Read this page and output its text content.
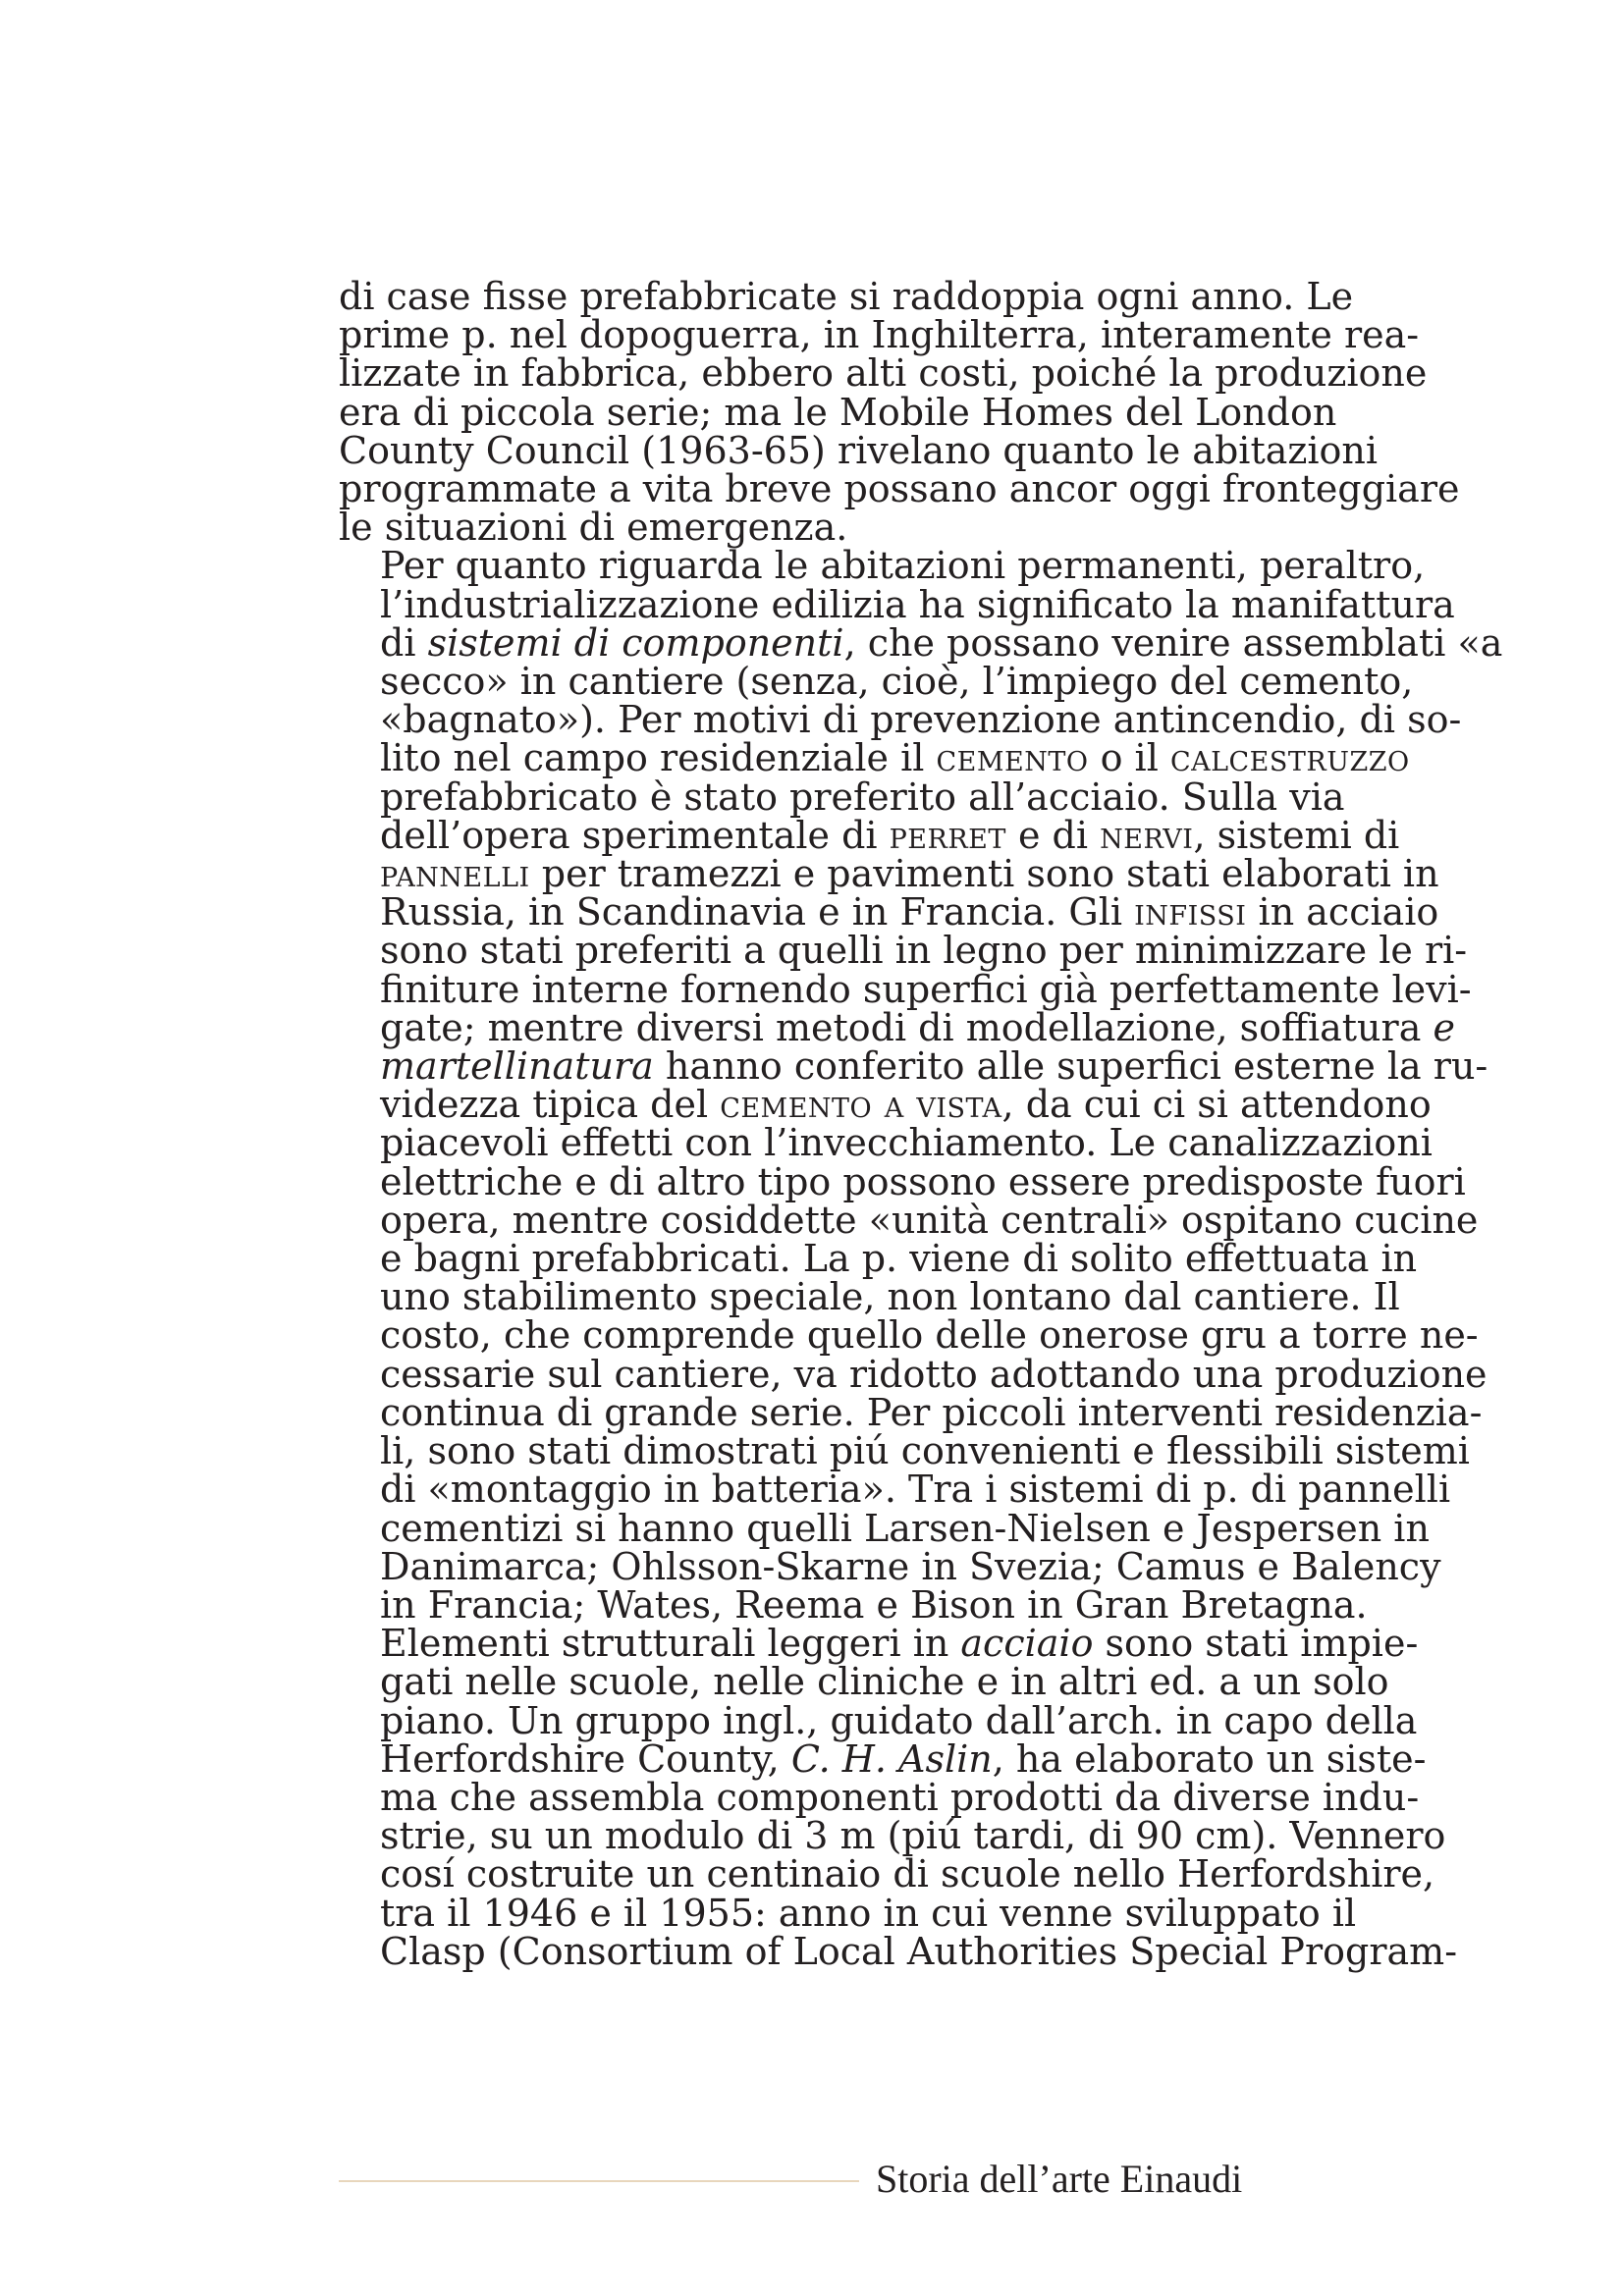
di case fisse prefabbricate si raddoppia ogni anno. Le
prime p. nel dopoguerra, in Inghilterra, interamente rea-
lizzate in fabbrica, ebbero alti costi, poiché la produzione
era di piccola serie; ma le Mobile Homes del London
County Council (1963-65) rivelano quanto le abitazioni
programmate a vita breve possano ancor oggi fronteggiare
le situazioni di emergenza.

Per quanto riguarda le abitazioni permanenti, peraltro,
l’industrializzazione edilizia ha significato la manifattura
di sistemi di componenti, che possano venire assemblati «a
secco» in cantiere (senza, cioè, l’impiego del cemento,
«bagnato»). Per motivi di prevenzione antincendio, di so-
lito nel campo residenziale il cemento o il calcestruzzo
prefabbricato è stato preferito all’acciaio. Sulla via
dell’opera sperimentale di perret e di nervi, sistemi di
pannelli per tramezzi e pavimenti sono stati elaborati in
Russia, in Scandinavia e in Francia. Gli infissi in acciaio
sono stati preferiti a quelli in legno per minimizzare le ri-
finiture interne fornendo superfici già perfettamente levi-
gate; mentre diversi metodi di modellazione, soffiatura e
martellinatura hanno conferito alle superfici esterne la ru-
videzza tipica del cemento a vista, da cui ci si attendono
piacevoli effetti con l’invecchiamento. Le canalizzazioni
elettriche e di altro tipo possono essere predisposte fuori
opera, mentre cosiddette «unità centrali» ospitano cucine
e bagni prefabbricati. La p. viene di solito effettuata in
uno stabilimento speciale, non lontano dal cantiere. Il
costo, che comprende quello delle onerose gru a torre ne-
cessarie sul cantiere, va ridotto adottando una produzione
continua di grande serie. Per piccoli interventi residenzia-
li, sono stati dimostrati piú convenienti e flessibili sistemi
di «montaggio in batteria». Tra i sistemi di p. di pannelli
cementizi si hanno quelli Larsen-Nielsen e Jespersen in
Danimarca; Ohlsson-Skarne in Svezia; Camus e Balency
in Francia; Wates, Reema e Bison in Gran Bretagna.

Elementi strutturali leggeri in acciaio sono stati impie-
gati nelle scuole, nelle cliniche e in altri ed. a un solo
piano. Un gruppo ingl., guidato dall’arch. in capo della
Herfordshire County, C. H. Aslin, ha elaborato un siste-
ma che assembla componenti prodotti da diverse indu-
strie, su un modulo di 3 m (piú tardi, di 90 cm). Vennero
cosí costruite un centinaio di scuole nello Herfordshire,
tra il 1946 e il 1955: anno in cui venne sviluppato il
Clasp (Consortium of Local Authorities Special Program-

Storia dell’arte Einaudi
